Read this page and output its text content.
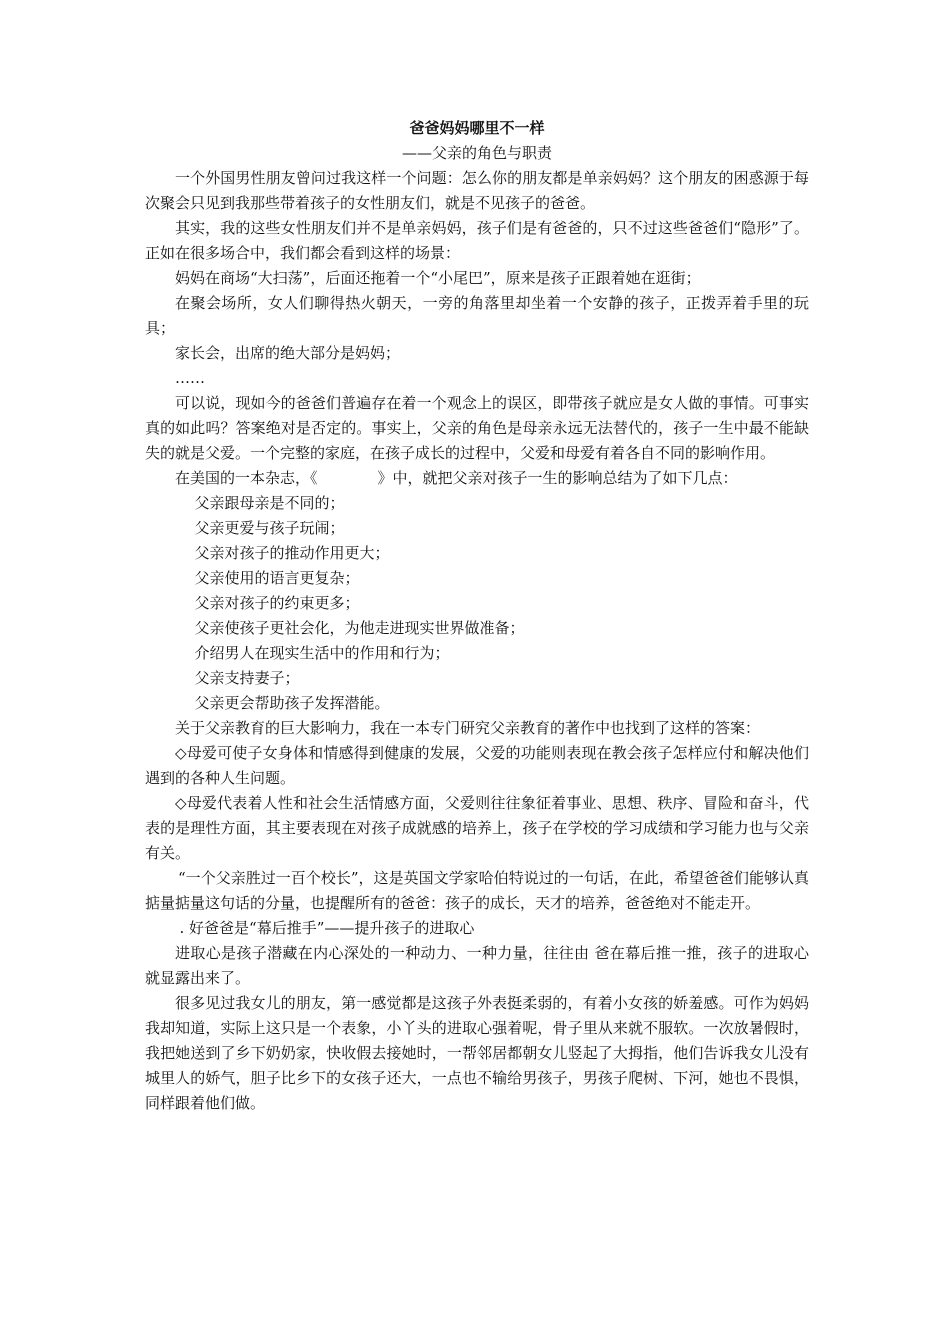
爸爸妈妈哪里不一样
——父亲的角色与职责

一个外国男性朋友曾问过我这样一个问题：怎么你的朋友都是单亲妈妈？这个朋友的困惑源于每次聚会只见到我那些带着孩子的女性朋友们，就是不见孩子的爸爸。

其实，我的这些女性朋友们并不是单亲妈妈，孩子们是有爸爸的，只不过这些爸爸们“隐形”了。正如在很多场合中，我们都会看到这样的场景：

妈妈在商场“大扫荡”，后面还拖着一个“小尾巴”，原来是孩子正跟着她在逛街；

在聚会场所，女人们聊得热火朝天，一旁的角落里却坐着一个安静的孩子，正拨弄着手里的玩具；

家长会，出席的绝大部分是妈妈；

……

可以说，现如今的爸爸们普遍存在着一个观念上的误区，即带孩子就应是女人做的事情。可事实真的如此吗？答案绝对是否定的。事实上，父亲的角色是母亲永远无法替代的，孩子一生中最不能缺失的就是父爱。一个完整的家庭，在孩子成长的过程中，父爱和母爱有着各自不同的影响作用。

在美国的一本杂志，《	》中，就把父亲对孩子一生的影响总结为了如下几点：

父亲跟母亲是不同的；

父亲更爱与孩子玩闹；

父亲对孩子的推动作用更大；

父亲使用的语言更复杂；

父亲对孩子的约束更多；

父亲使孩子更社会化，为他走进现实世界做准备；

介绍男人在现实生活中的作用和行为；

父亲支持妻子；

父亲更会帮助孩子发挥潜能。

关于父亲教育的巨大影响力，我在一本专门研究父亲教育的著作中也找到了这样的答案：

◇母爱可使子女身体和情感得到健康的发展，父爱的功能则表现在教会孩子怎样应付和解决他们遇到的各种人生问题。

◇母爱代表着人性和社会生活情感方面，父爱则往往象征着事业、思想、秩序、冒险和奋斗，代表的是理性方面，其主要表现在对孩子成就感的培养上，孩子在学校的学习成绩和学习能力也与父亲有关。

“一个父亲胜过一百个校长”，这是英国文学家哈伯特说过的一句话，在此，希望爸爸们能够认真掂量掂量这句话的分量，也提醒所有的爸爸：孩子的成长，天才的培养，爸爸绝对不能走开。

. 好爸爸是“幕后推手”——提升孩子的进取心

进取心是孩子潜藏在内心深处的一种动力、一种力量，往往由 爸在幕后推一推，孩子的进取心就显露出来了。

很多见过我女儿的朋友，第一感觉都是这孩子外表挺柔弱的，有着小女孩的娇羞感。可作为妈妈我却知道，实际上这只是一个表象，小丫头的进取心强着呢，骨子里从来就不服软。一次放暑假时，我把她送到了乡下奶奶家，快收假去接她时，一帮邻居都朝女儿竖起了大拇指，他们告诉我女儿没有城里人的娇气，胆子比乡下的女孩子还大，一点也不输给男孩子，男孩子爬树、下河，她也不畏惧，同样跟着他们做。
